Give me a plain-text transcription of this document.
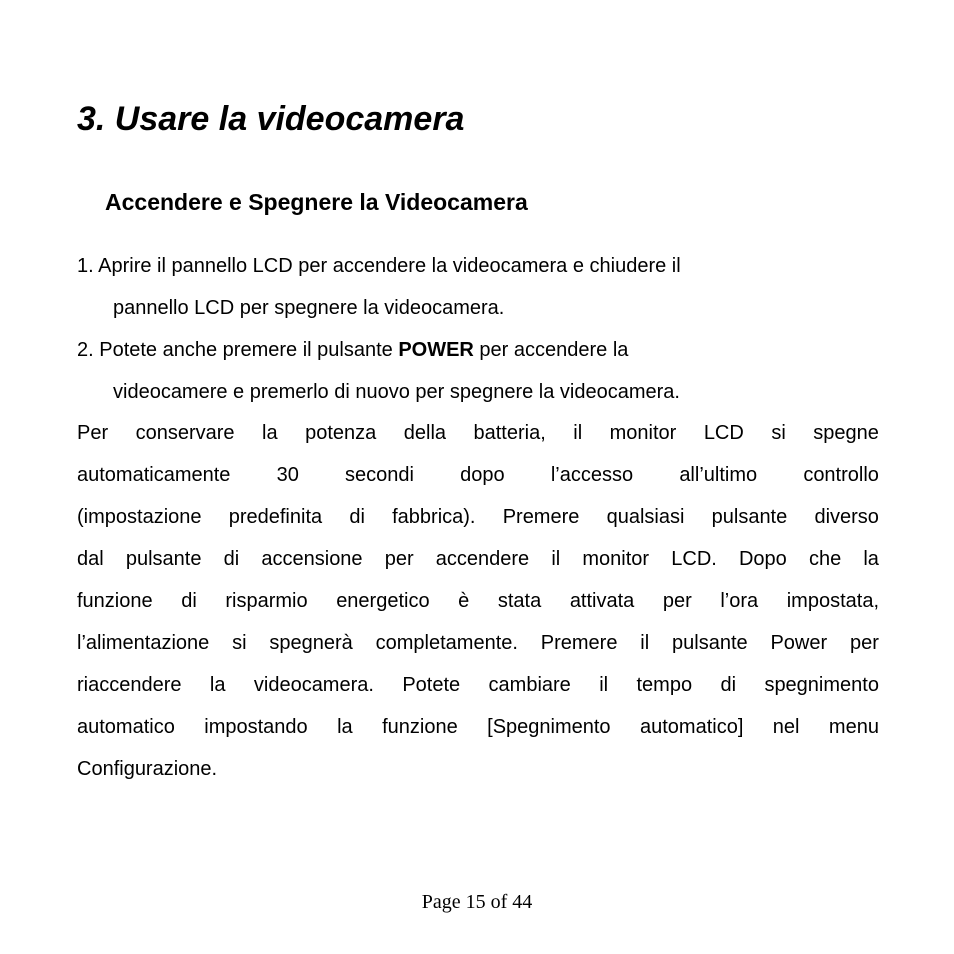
3. Usare la videocamera
Accendere e Spegnere la Videocamera
1. Aprire il pannello LCD per accendere la videocamera e chiudere il
pannello LCD per spegnere la videocamera.
2. Potete anche premere il pulsante POWER per accendere la
videocamere e premerlo di nuovo per spegnere la videocamera.
Per conservare la potenza della batteria, il monitor LCD si spegne
automaticamente 30 secondi dopo l’accesso all’ultimo controllo
(impostazione predefinita di fabbrica). Premere qualsiasi pulsante diverso
dal pulsante di accensione per accendere il monitor LCD. Dopo che la
funzione di risparmio energetico è stata attivata per l’ora impostata,
l’alimentazione si spegnerà completamente. Premere il pulsante Power per
riaccendere la videocamera. Potete cambiare il tempo di spegnimento
automatico impostando la funzione [Spegnimento automatico] nel menu
Configurazione.
Page 15 of 44
